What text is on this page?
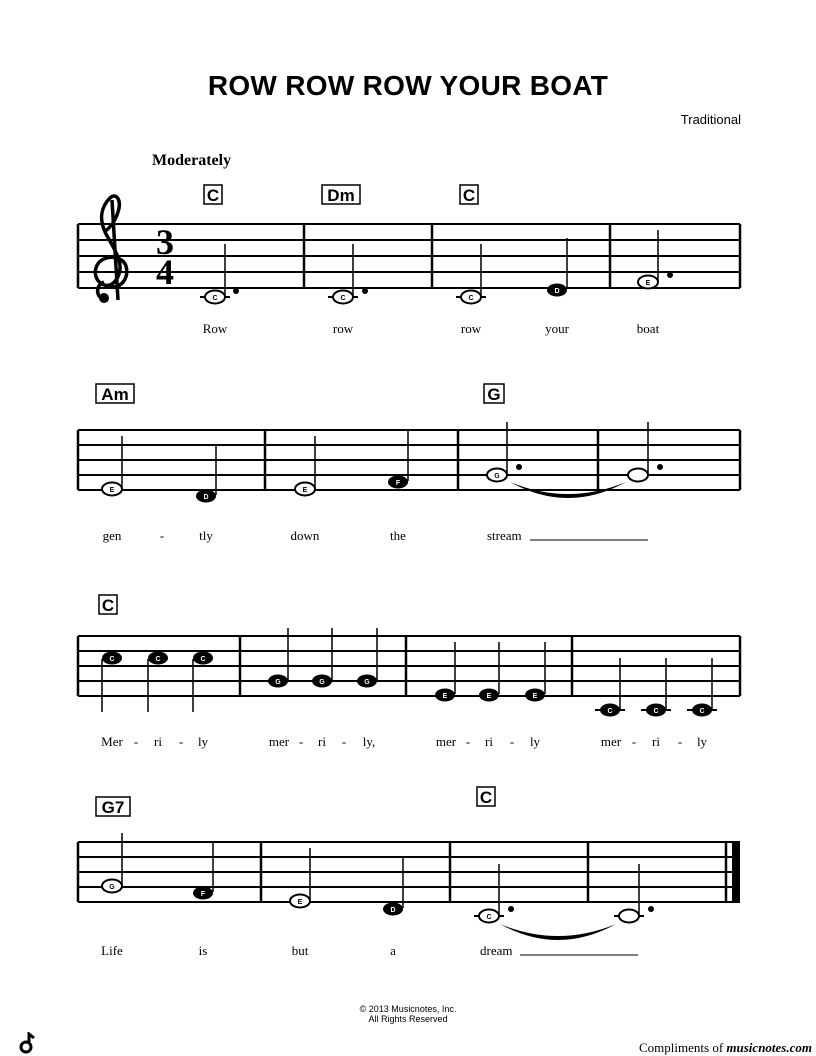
ROW ROW ROW YOUR BOAT
Traditional
Moderately
3
4
C	Dm	C
C	C	C
D
E
Row	row	row	your	boat
Am	G
E
D
E
F
G
gen	-	tly	down	the	stream
C
C	C	C
G	G	G
E	E	E
C	C	C
Mer - ri - ly	mer - ri - ly,	mer - ri - ly	mer - ri - ly
G7
C
G
F
E
D
C
Life	is	but	a	dream
© 2013 Musicnotes, Inc.
All Rights Reserved
Compliments of musicnotes.com
